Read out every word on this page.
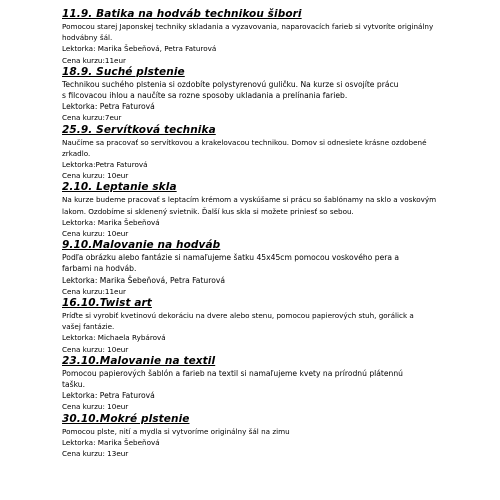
11.9. Batika na hodváb technikou šibori
Pomocou starej Japonskej techniky skladania a vyzavovania, naparovacích farieb si vytvoríte originálny
hodvábny šál.
Lektorka: Marika Šebeňová, Petra Faturová
Cena kurzu:11eur
18.9. Suché plstenie
Technikou suchého plstenia si ozdobíte polystyrenovú guličku. Na kurze si osvojíte prácu
s filcovacou ihlou a naučíte sa rozne sposoby ukladania a prelínania farieb.
Lektorka: Petra Faturová
Cena kurzu:7eur
25.9. Servítková technika
Naučíme sa pracovať so servítkovou a krakelovacou technikou. Domov si odnesiete krásne ozdobené
zrkadlo.
Lektorka:Petra Faturová
Cena kurzu: 10eur
2.10. Leptanie skla
Na kurze budeme pracovať s leptacím krémom a vyskúšame si prácu so šablónamy na sklo a voskovým
lakom. Ozdobíme si sklenený svietnik. Ďalší kus skla si možete priniesť so sebou.
Lektorka: Marika Šebeňová
Cena kurzu: 10eur
9.10.Malovanie na hodváb
Podľa obrázku alebo fantázie si namaľujeme šatku 45x45cm pomocou voskového pera a
farbami na hodváb.
Lektorka: Marika Šebeňová, Petra Faturová
Cena kurzu:11eur
16.10.Twist art
Príďte si vyrobiť kvetinovú dekoráciu na dvere alebo stenu, pomocou papierových stuh, gorálick a
vašej fantázie.
Lektorka: Michaela Rybárová
Cena kurzu: 10eur
23.10.Malovanie na textil
Pomocou papierových šablón a farieb na textil si namaľujeme kvety na prírodnú plátennú
tašku.
Lektorka: Petra Faturová
Cena kurzu: 10eur
30.10.Mokré plstenie
Pomocou plste, nití a mydla si vytvoríme originálny šál na zimu
Lektorka: Marika Šebeňová
Cena kurzu: 13eur
